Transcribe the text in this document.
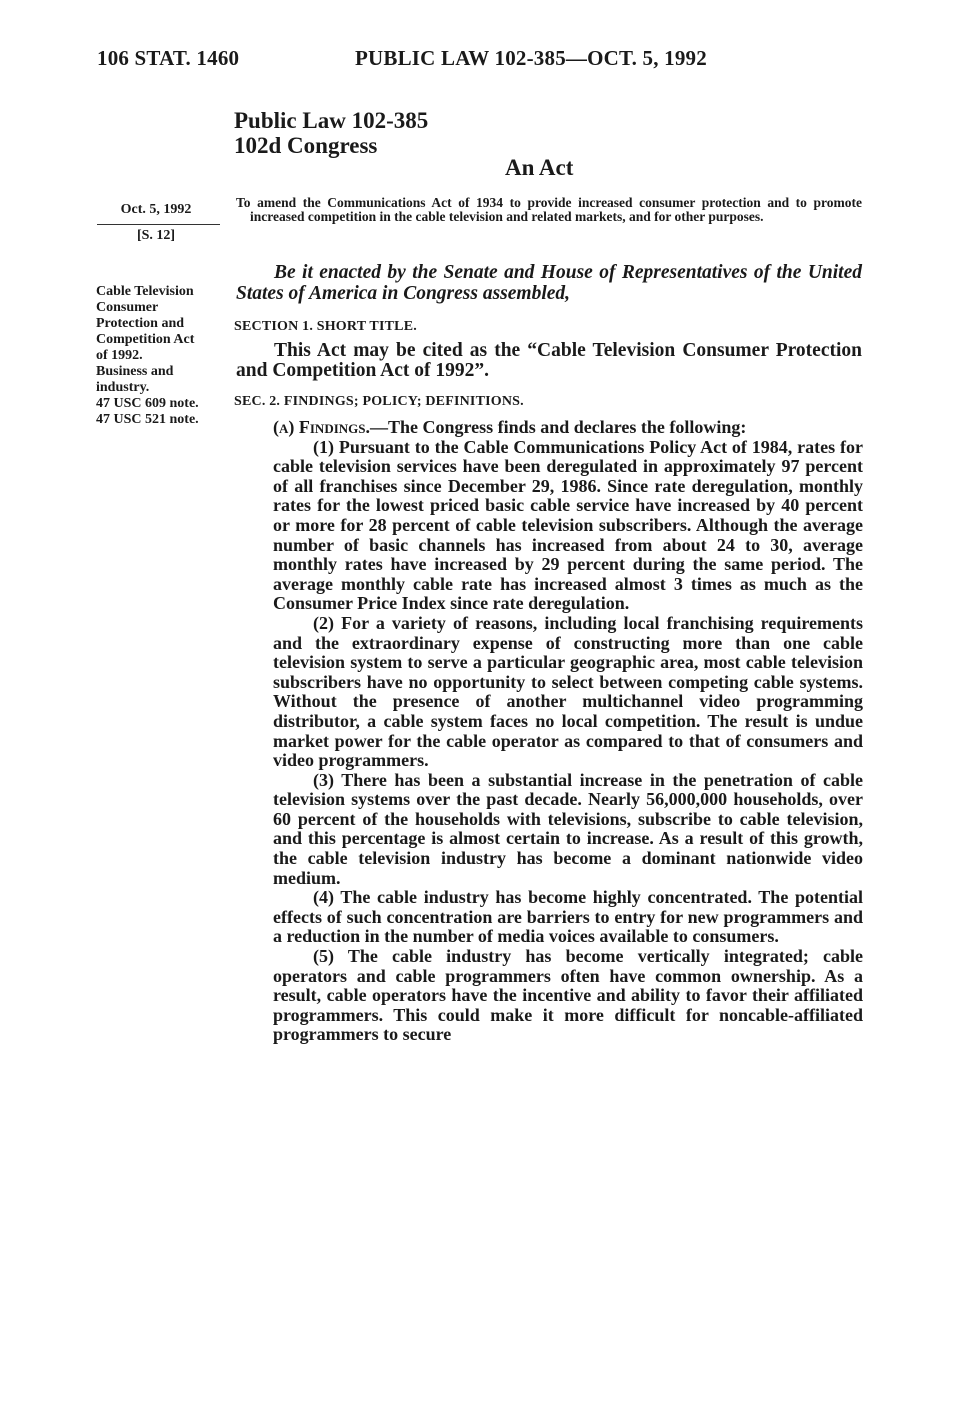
106 STAT. 1460	PUBLIC LAW 102-385—OCT. 5, 1992
Public Law 102-385
102d Congress
An Act
Oct. 5, 1992
[S. 12]
Cable Television
Consumer
Protection and
Competition Act
of 1992.
Business and
industry.
47 USC 609 note.
47 USC 521 note.
To amend the Communications Act of 1934 to provide increased consumer protection and to promote increased competition in the cable television and related markets, and for other purposes.
Be it enacted by the Senate and House of Representatives of the United States of America in Congress assembled,
SECTION 1. SHORT TITLE.
This Act may be cited as the “Cable Television Consumer Protection and Competition Act of 1992”.
SEC. 2. FINDINGS; POLICY; DEFINITIONS.

(a) Findings.—The Congress finds and declares the following:

(1) Pursuant to the Cable Communications Policy Act of 1984, rates for cable television services have been deregulated in approximately 97 percent of all franchises since December 29, 1986. Since rate deregulation, monthly rates for the lowest priced basic cable service have increased by 40 percent or more for 28 percent of cable television subscribers. Although the average number of basic channels has increased from about 24 to 30, average monthly rates have increased by 29 percent during the same period. The average monthly cable rate has increased almost 3 times as much as the Consumer Price Index since rate deregulation.

(2) For a variety of reasons, including local franchising requirements and the extraordinary expense of constructing more than one cable television system to serve a particular geographic area, most cable television subscribers have no opportunity to select between competing cable systems. Without the presence of another multichannel video programming distributor, a cable system faces no local competition. The result is undue market power for the cable operator as compared to that of consumers and video programmers.

(3) There has been a substantial increase in the penetration of cable television systems over the past decade. Nearly 56,000,000 households, over 60 percent of the households with televisions, subscribe to cable television, and this percentage is almost certain to increase. As a result of this growth, the cable television industry has become a dominant nationwide video medium.

(4) The cable industry has become highly concentrated. The potential effects of such concentration are barriers to entry for new programmers and a reduction in the number of media voices available to consumers.

(5) The cable industry has become vertically integrated; cable operators and cable programmers often have common ownership. As a result, cable operators have the incentive and ability to favor their affiliated programmers. This could make it more difficult for noncable-affiliated programmers to secure
